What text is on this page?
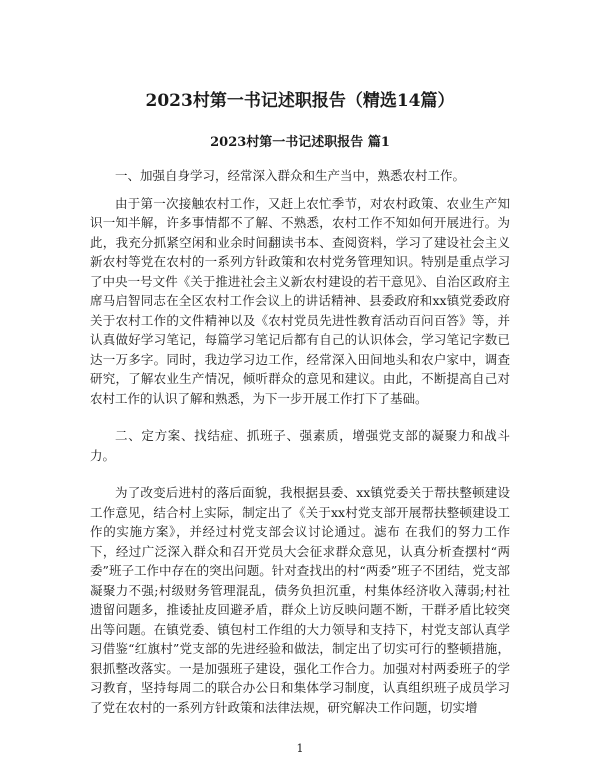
2023村第一书记述职报告（精选14篇）
2023村第一书记述职报告 篇1

一、加强自身学习，经常深入群众和生产当中，熟悉农村工作。

由于第一次接触农村工作，又赶上农忙季节，对农村政策、农业生产知识一知半解，许多事情都不了解、不熟悉，农村工作不知如何开展进行。为此，我充分抓紧空闲和业余时间翻读书本、查阅资料，学习了建设社会主义新农村等党在农村的一系列方针政策和农村党务管理知识。特别是重点学习了中央一号文件《关于推进社会主义新农村建设的若干意见》、自治区政府主席马启智同志在全区农村工作会议上的讲话精神、县委政府和xx镇党委政府关于农村工作的文件精神以及《农村党员先进性教育活动百问百答》等，并认真做好学习笔记，每篇学习笔记后都有自己的认识体会，学习笔记字数已达一万多字。同时，我边学习边工作，经常深入田间地头和农户家中，调查研究，了解农业生产情况，倾听群众的意见和建议。由此，不断提高自己对农村工作的认识了解和熟悉，为下一步开展工作打下了基础。

二、定方案、找结症、抓班子、强素质，增强党支部的凝聚力和战斗力。

为了改变后进村的落后面貌，我根据县委、xx镇党委关于帮扶整顿建设工作意见，结合村上实际，制定出了《关于xx村党支部开展帮扶整顿建设工作的实施方案》，并经过村党支部会议讨论通过。滤布 在我们的努力工作下，经过广泛深入群众和召开党员大会征求群众意见，认真分析查摆村“两委”班子工作中存在的突出问题。针对查找出的村“两委”班子不团结，党支部凝聚力不强;村级财务管理混乱，债务负担沉重，村集体经济收入薄弱;村社遗留问题多，推诿扯皮回避矛盾，群众上访反映问题不断，干群矛盾比较突出等问题。在镇党委、镇包村工作组的大力领导和支持下，村党支部认真学习借鉴“红旗村”党支部的先进经验和做法，制定出了切实可行的整顿措施，狠抓整改落实。一是加强班子建设，强化工作合力。加强对村两委班子的学习教育，坚持每周二的联合办公日和集体学习制度，认真组织班子成员学习了党在农村的一系列方针政策和法律法规，研究解决工作问题，切实增

1
